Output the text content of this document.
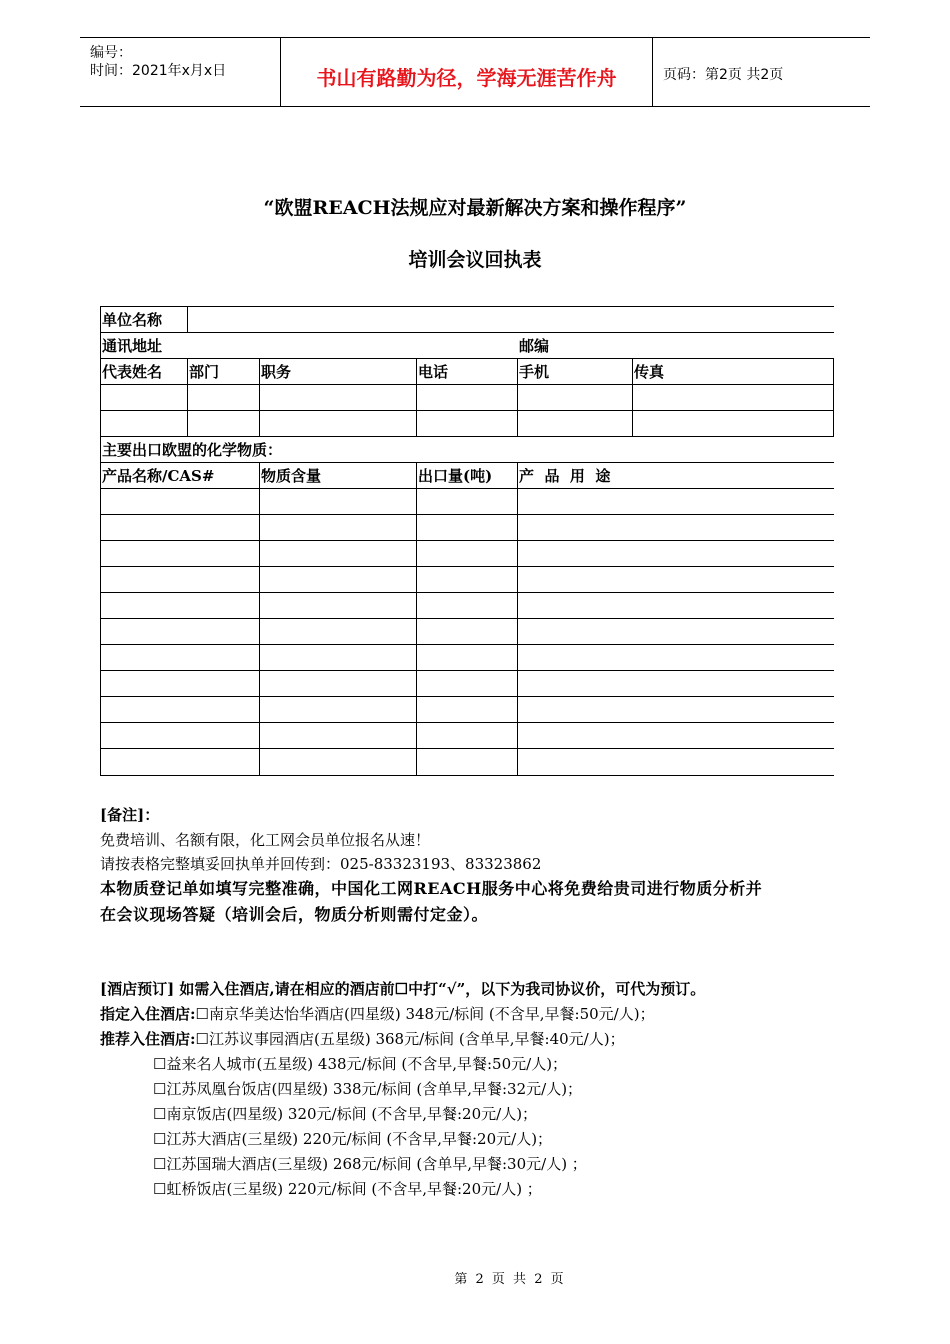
编号：
时间：2021年x月x日	书山有路勤为径，学海无涯苦作舟	页码：第2页 共2页
“欧盟REACH法规应对最新解决方案和操作程序”
培训会议回执表
单位名称
通讯地址	邮编
代表姓名 部门	职务	电话	手机	传真
主要出口欧盟的化学物质：
产品名称/CAS#	物质含量	出口量(吨) 产  品  用  途
[备注]：
免费培训、名额有限，化工网会员单位报名从速！
请按表格完整填妥回执单并回传到：025-83323193、83323862
本物质登记单如填写完整准确，中国化工网REACH服务中心将免费给贵司进行物质分析并
在会议现场答疑（培训会后，物质分析则需付定金）。
[酒店预订] 如需入住酒店,请在相应的酒店前☐中打“√”，以下为我司协议价，可代为预订。
指定入住酒店:☐南京华美达怡华酒店(四星级) 348元/标间 (不含早,早餐:50元/人)；
推荐入住酒店:☐江苏议事园酒店(五星级) 368元/标间 (含单早,早餐:40元/人)；
☐益来名人城市(五星级) 438元/标间 (不含早,早餐:50元/人)；
☐江苏凤凰台饭店(四星级) 338元/标间 (含单早,早餐:32元/人)；
☐南京饭店(四星级) 320元/标间 (不含早,早餐:20元/人)；
☐江苏大酒店(三星级) 220元/标间 (不含早,早餐:20元/人)；
☐江苏国瑞大酒店(三星级) 268元/标间 (含单早,早餐:30元/人) ；
☐虹桥饭店(三星级) 220元/标间 (不含早,早餐:20元/人) ；
第 2 页 共 2 页
